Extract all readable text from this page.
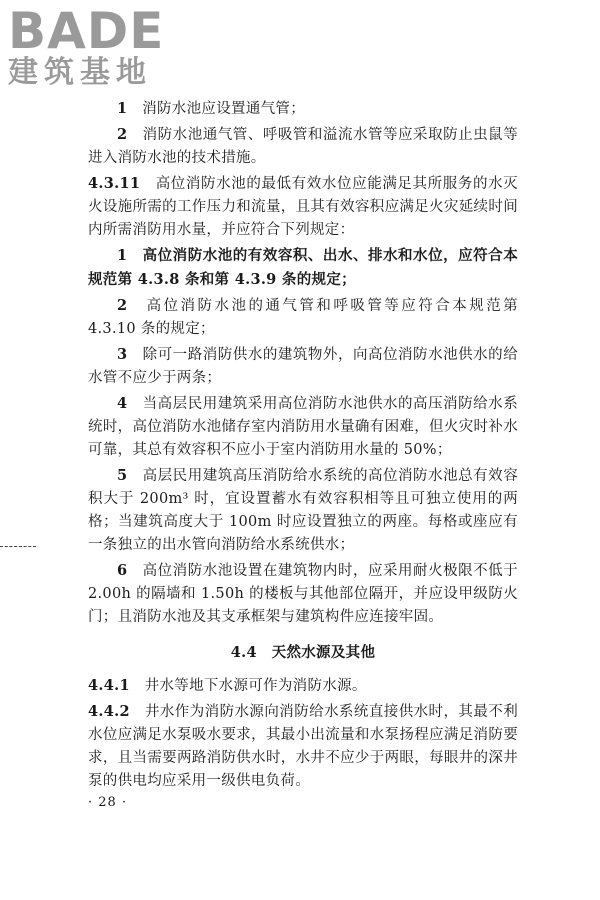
BADE
建筑基地
1　 消防水池应设置通气管；
2　 消防水池通气管、呼吸管和溢流水管等应采取防止虫鼠等进入消防水池的技术措施。
4.3.11　 高位消防水池的最低有效水位应能满足其所服务的水灭火设施所需的工作压力和流量，且其有效容积应满足火灾延续时间内所需消防用水量，并应符合下列规定：
1　 高位消防水池的有效容积、出水、排水和水位，应符合本规范第 4.3.8 条和第 4.3.9 条的规定；
2　 高位消防水池的通气管和呼吸管等应符合本规范第 4.3.10 条的规定；
3　 除可一路消防供水的建筑物外，向高位消防水池供水的给水管不应少于两条；
4　 当高层民用建筑采用高位消防水池供水的高压消防给水系统时，高位消防水池储存室内消防用水量确有困难，但火灾时补水可靠，其总有效容积不应小于室内消防用水量的 50%；
5　 高层民用建筑高压消防给水系统的高位消防水池总有效容积大于 200m³ 时，宜设置蓄水有效容积相等且可独立使用的两格；当建筑高度大于 100m 时应设置独立的两座。每格或座应有一条独立的出水管向消防给水系统供水；
6　 高位消防水池设置在建筑物内时，应采用耐火极限不低于 2.00h 的隔墙和 1.50h 的楼板与其他部位隔开，并应设甲级防火门；且消防水池及其支承框架与建筑构件应连接牢固。
4.4　天然水源及其他
4.4.1　 井水等地下水源可作为消防水源。
4.4.2　 井水作为消防水源向消防给水系统直接供水时，其最不利水位应满足水泵吸水要求，其最小出流量和水泵扬程应满足消防要求，且当需要两路消防供水时，水井不应少于两眼，每眼井的深井泵的供电均应采用一级供电负荷。
· 28 ·
